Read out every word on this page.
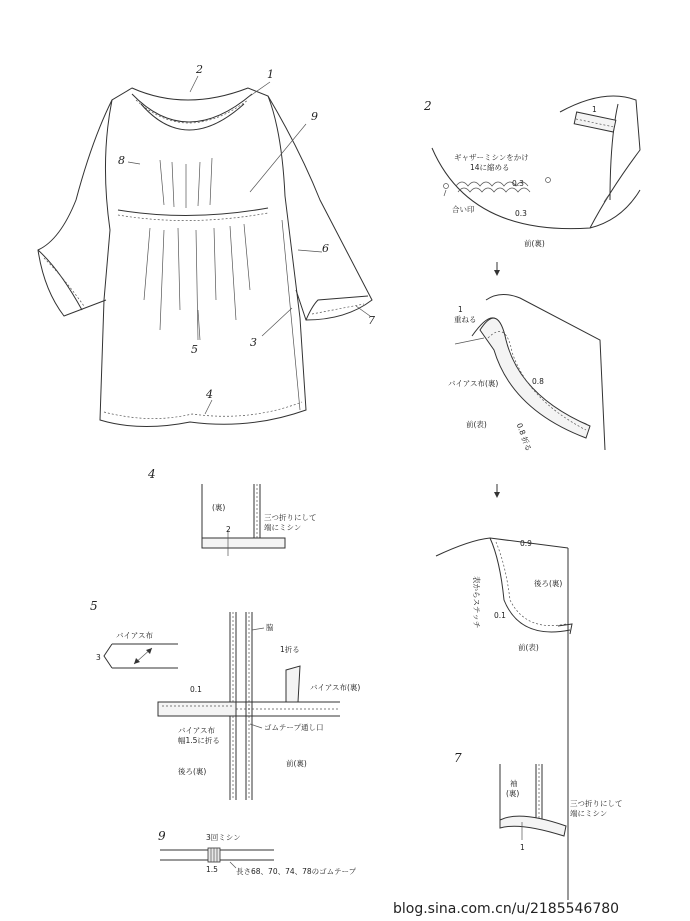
1
2
3
4
5
6
7
8
9
2	1
ギャザーミシンをかけ
14に縮める
0.3
0.3
合い印
前(裏)
1
重ねる
バイアス布(裏)
前(表)
0.8
0.8 折る
0.9
後ろ(裏)
表からステッチ 0.1
前(表)
4
(裏)
三つ折りにして
端にミシン
2
5
バイアス布
3
脇
1折る
バイアス布(裏)
0.1
バイアス布
幅1.5に折る
ゴムテープ通し口
後ろ(裏)
前(裏)	7
袖
(裏)
三つ折りにして
端にミシン
1
9	3回ミシン
1.5 長さ68、70、74、78のゴムテープ
blog.sina.com.cn/u/2185546780
